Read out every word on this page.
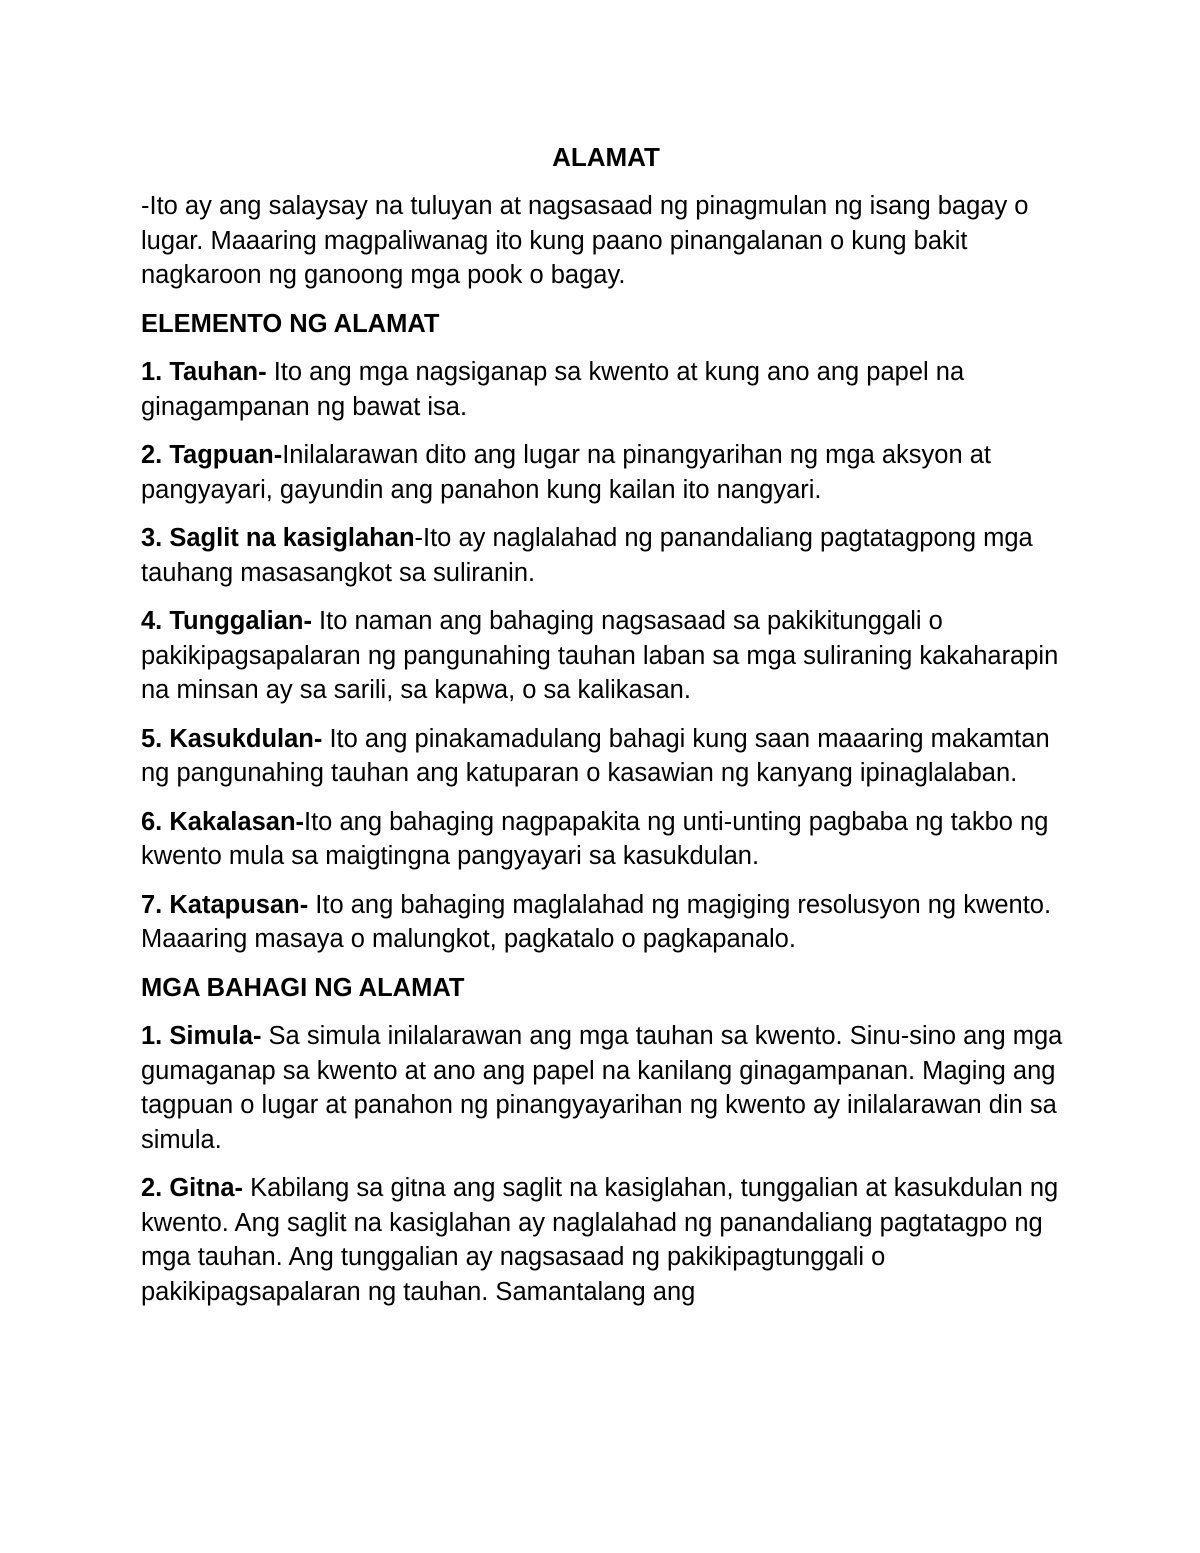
ALAMAT
-Ito ay ang salaysay na tuluyan at nagsasaad ng pinagmulan ng isang bagay o lugar. Maaaring magpaliwanag ito kung paano pinangalanan o kung bakit nagkaroon ng ganoong mga pook o bagay.
ELEMENTO NG ALAMAT
1. Tauhan- Ito ang mga nagsiganap sa kwento at kung ano ang papel na ginagampanan ng bawat isa.
2. Tagpuan-Inilalarawan dito ang lugar na pinangyarihan ng mga aksyon at pangyayari, gayundin ang panahon kung kailan ito nangyari.
3. Saglit na kasiglahan-Ito ay naglalahad ng panandaliang pagtatagpong mga tauhang masasangkot sa suliranin.
4. Tunggalian- Ito naman ang bahaging nagsasaad sa pakikitunggali o pakikipagsapalaran ng pangunahing tauhan laban sa mga suliraning kakaharapin na minsan ay sa sarili, sa kapwa, o sa kalikasan.
5. Kasukdulan- Ito ang pinakamadulang bahagi kung saan maaaring makamtan ng pangunahing tauhan ang katuparan o kasawian ng kanyang ipinaglalaban.
6. Kakalasan-Ito ang bahaging nagpapakita ng unti-unting pagbaba ng takbo ng kwento mula sa maigtingna pangyayari sa kasukdulan.
7. Katapusan- Ito ang bahaging maglalahad ng magiging resolusyon ng kwento. Maaaring masaya o malungkot, pagkatalo o pagkapanalo.
MGA BAHAGI NG ALAMAT
1. Simula- Sa simula inilalarawan ang mga tauhan sa kwento. Sinu-sino ang mga gumaganap sa kwento at ano ang papel na kanilang ginagampanan. Maging ang tagpuan o lugar at panahon ng pinangyayarihan ng kwento ay inilalarawan din sa simula.
2. Gitna- Kabilang sa gitna ang saglit na kasiglahan, tunggalian at kasukdulan ng kwento. Ang saglit na kasiglahan ay naglalahad ng panandaliang pagtatagpo ng mga tauhan. Ang tunggalian ay nagsasaad ng pakikipagtunggali o pakikipagsapalaran ng tauhan. Samantalang ang
